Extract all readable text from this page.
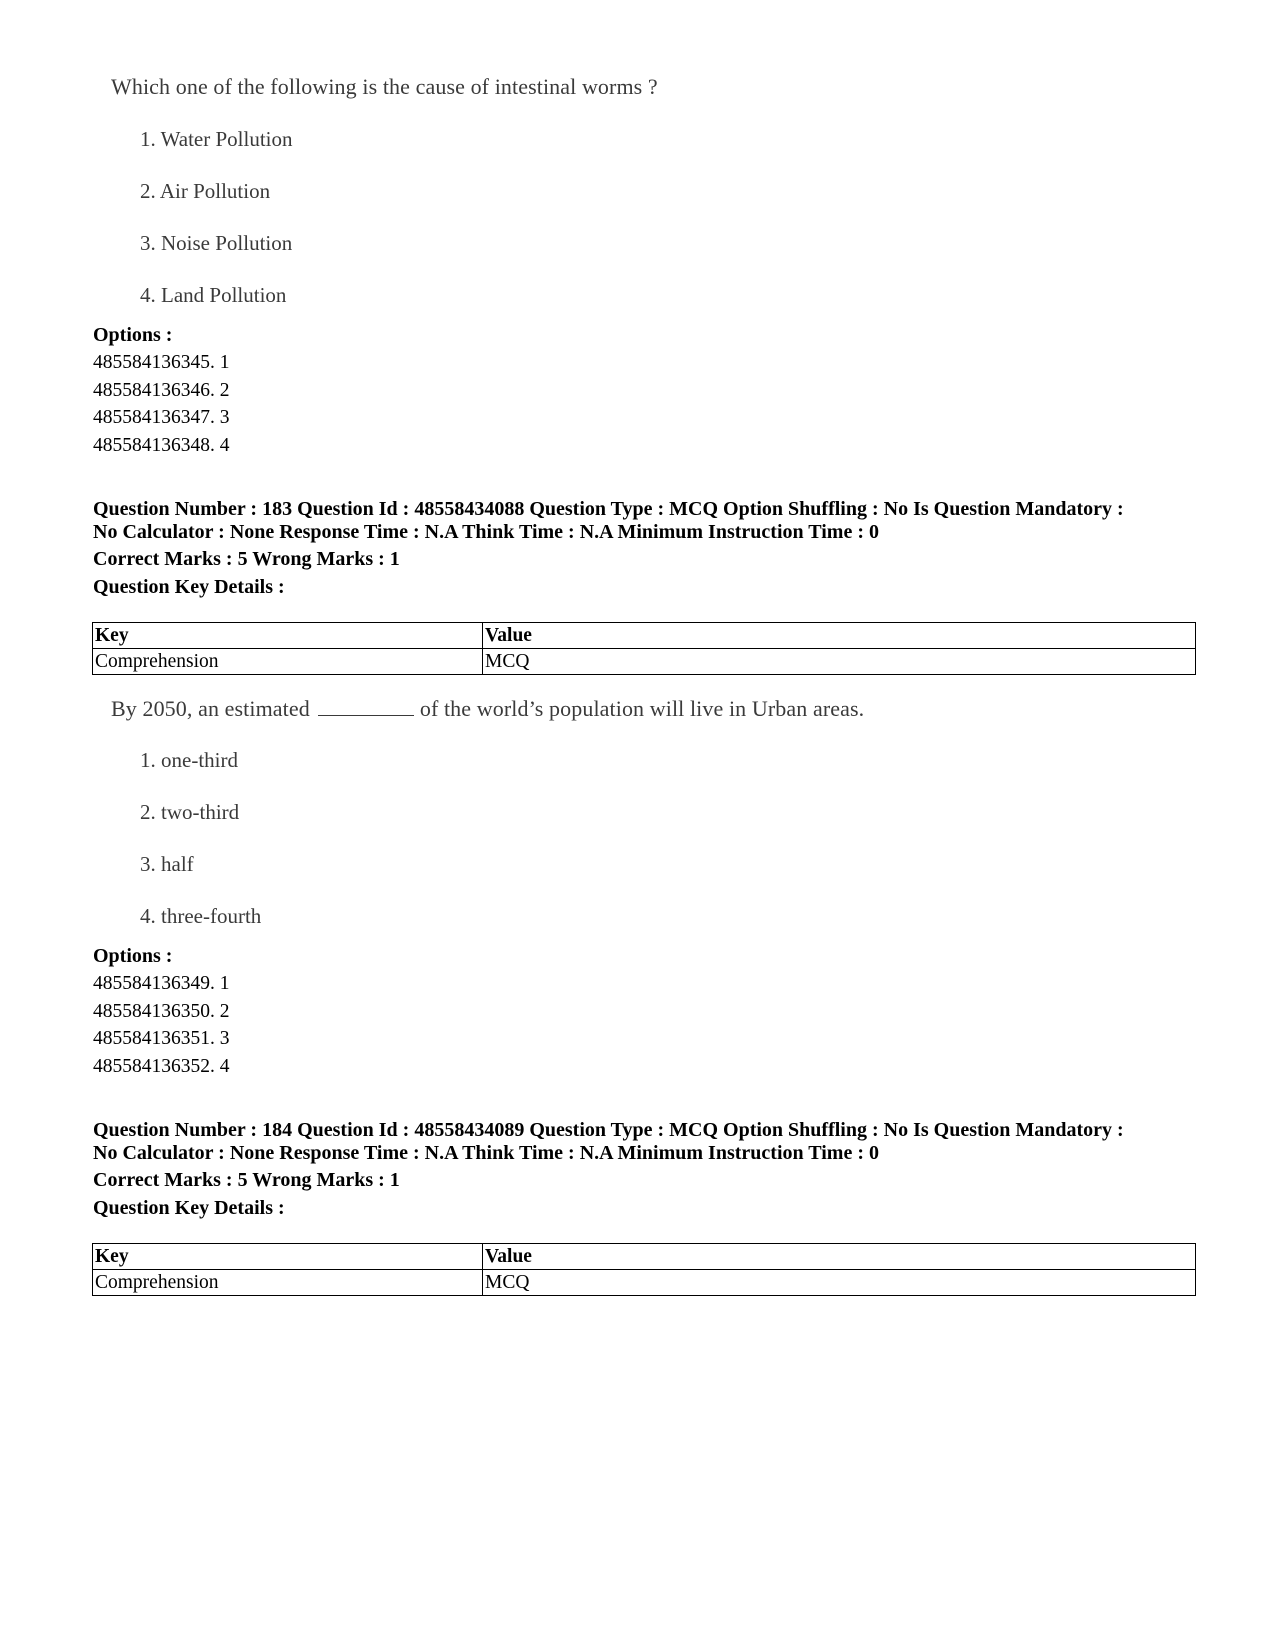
Which one of the following is the cause of intestinal worms ?
1. Water Pollution
2. Air Pollution
3. Noise Pollution
4. Land Pollution
Options :
485584136345. 1
485584136346. 2
485584136347. 3
485584136348. 4
Question Number : 183 Question Id : 48558434088 Question Type : MCQ Option Shuffling : No Is Question Mandatory :
No Calculator : None Response Time : N.A Think Time : N.A Minimum Instruction Time : 0
Correct Marks : 5 Wrong Marks : 1
Question Key Details :
Key	Value
Comprehension	MCQ
By 2050, an estimated	of the world’s population will live in Urban areas.
1. one-third
2. two-third
3. half
4. three-fourth
Options :
485584136349. 1
485584136350. 2
485584136351. 3
485584136352. 4
Question Number : 184 Question Id : 48558434089 Question Type : MCQ Option Shuffling : No Is Question Mandatory :
No Calculator : None Response Time : N.A Think Time : N.A Minimum Instruction Time : 0
Correct Marks : 5 Wrong Marks : 1
Question Key Details :
Key	Value
Comprehension	MCQ
